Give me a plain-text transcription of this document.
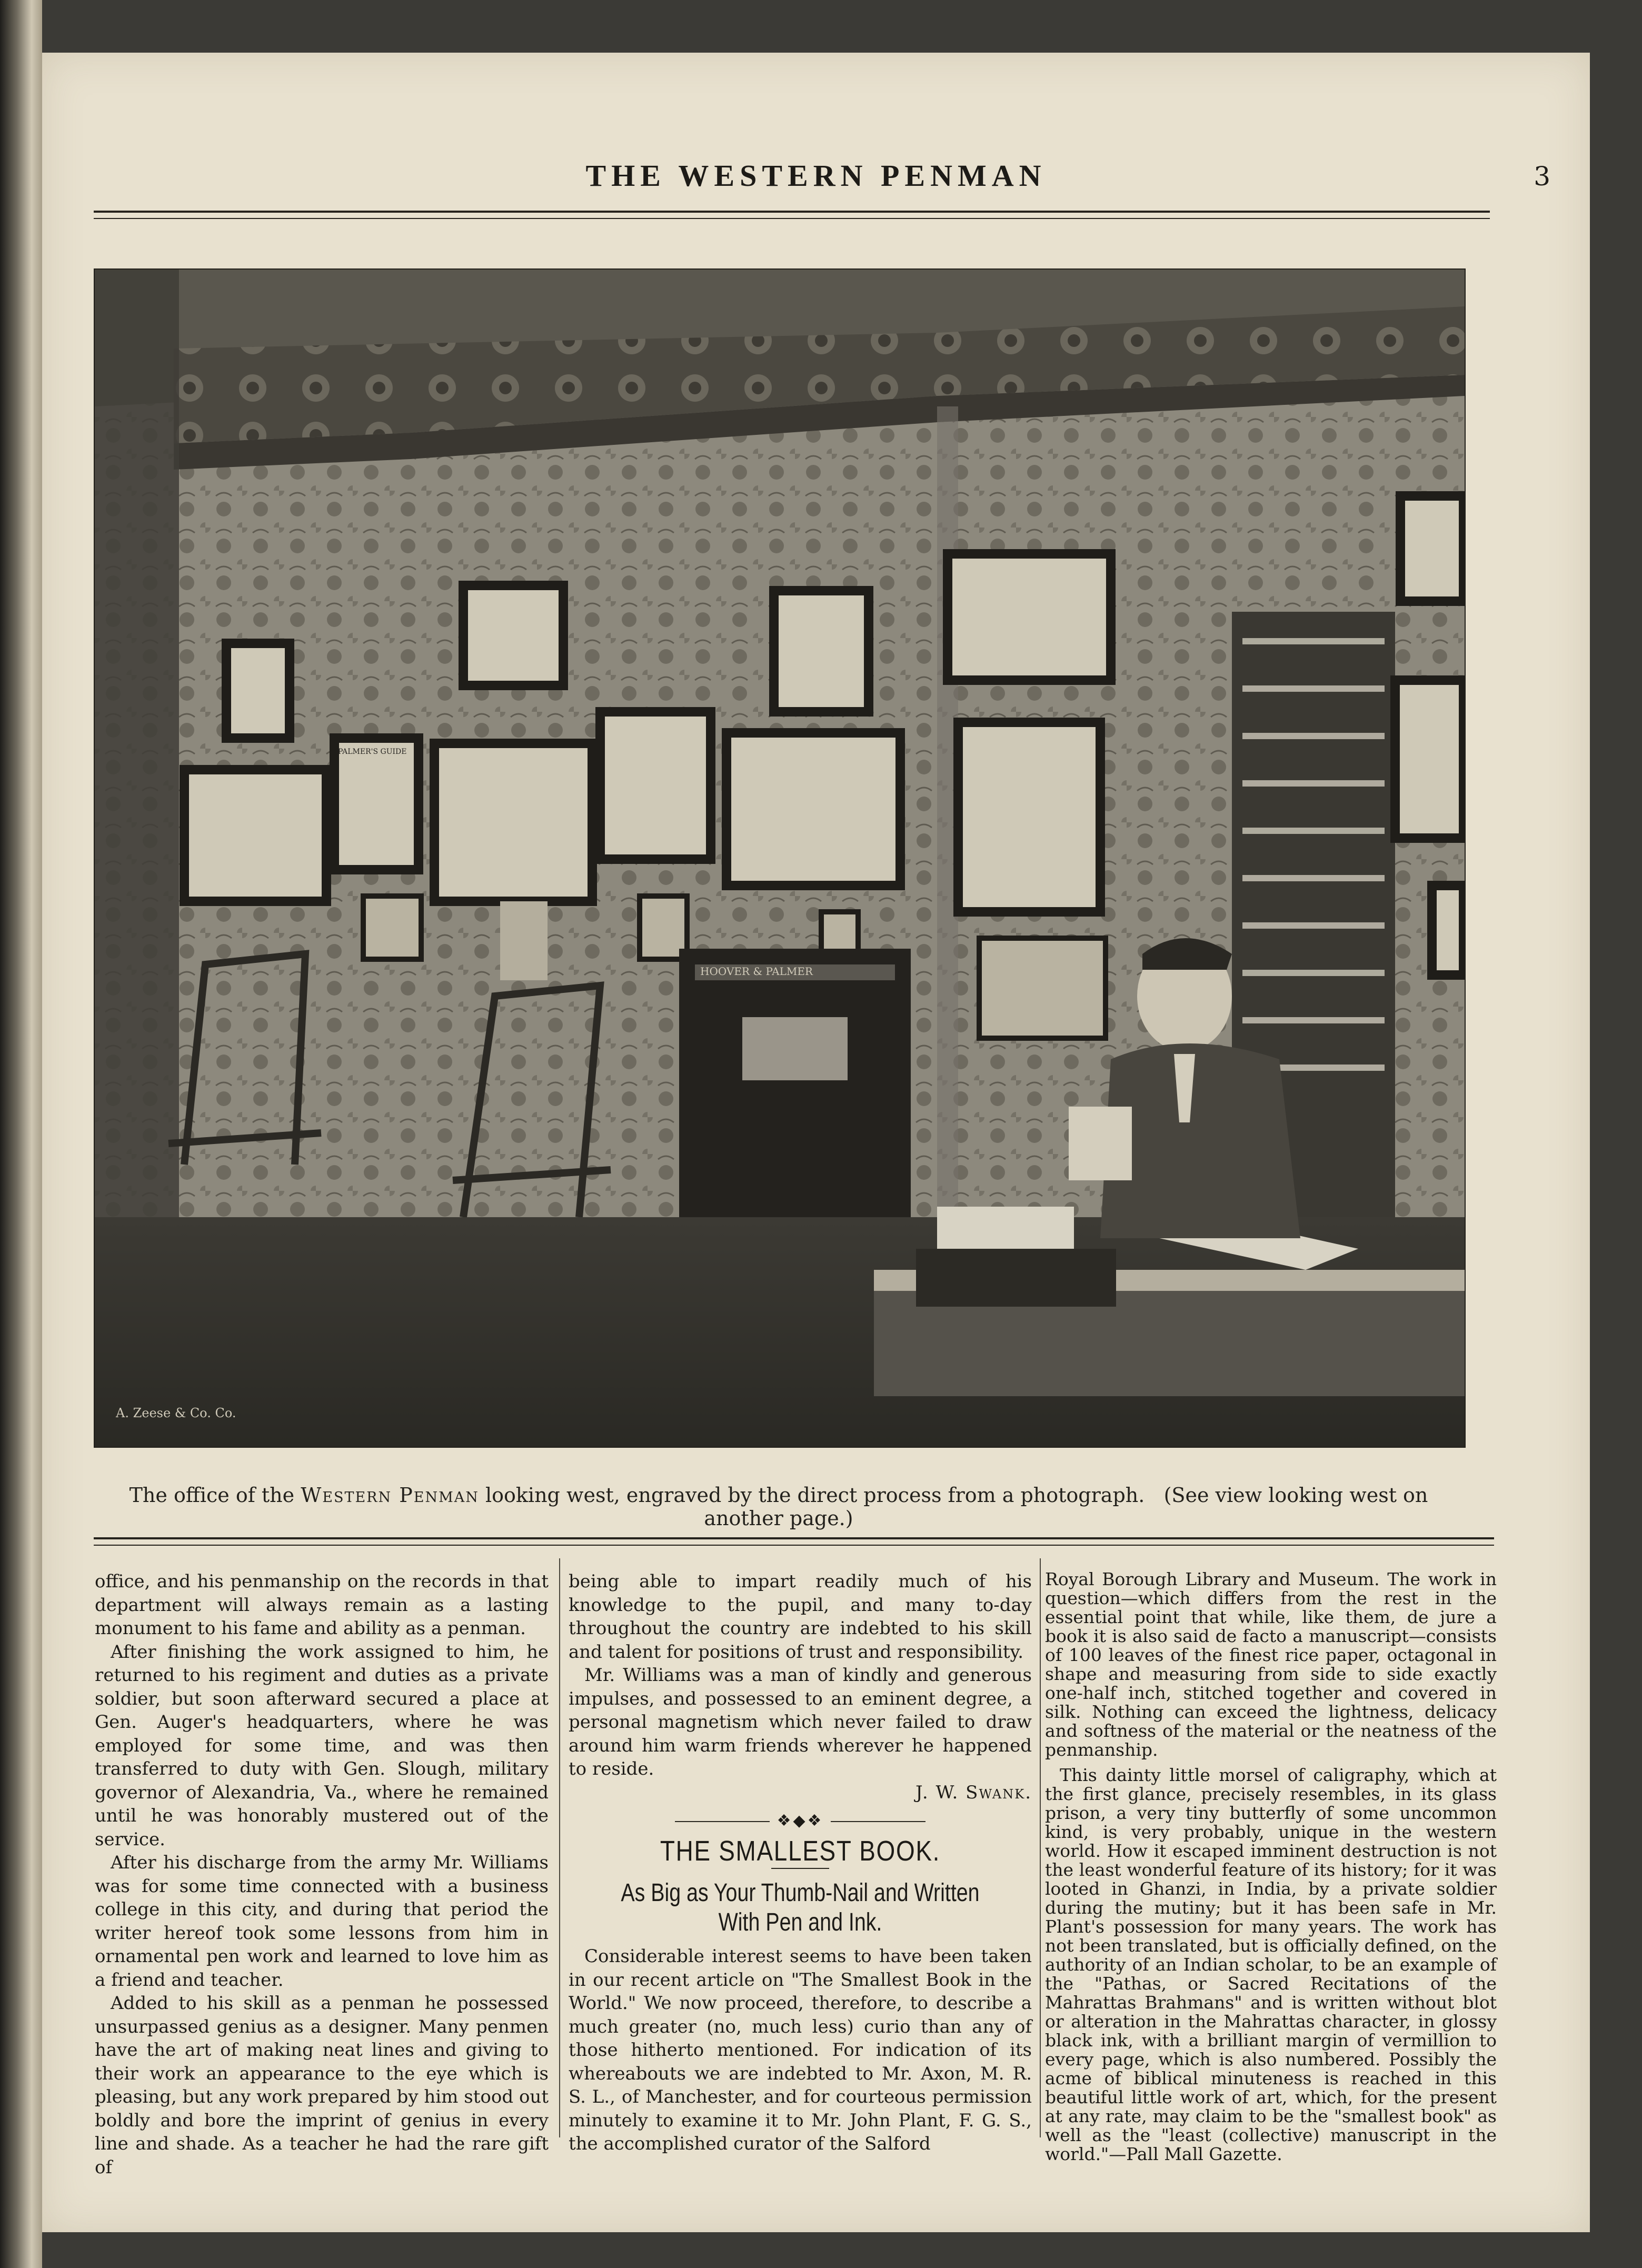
THE WESTERN PENMAN	3
A. Zeese & Co. Co.
HOOVER & PALMER
PALMER'S GUIDE
The office of the Western Penman looking west, engraved by the direct process from a photograph. (See view looking west on another page.)

office, and his penmanship on the records in that department will always remain as a lasting monument to his fame and ability as a penman.

After finishing the work assigned to him, he returned to his regiment and duties as a private soldier, but soon afterward secured a place at Gen. Auger's headquarters, where he was employed for some time, and was then transferred to duty with Gen. Slough, military governor of Alexandria, Va., where he remained until he was honorably mustered out of the service.

After his discharge from the army Mr. Williams was for some time connected with a business college in this city, and during that period the writer hereof took some lessons from him in ornamental pen work and learned to love him as a friend and teacher.

Added to his skill as a penman he possessed unsurpassed genius as a designer. Many penmen have the art of making neat lines and giving to their work an appearance to the eye which is pleasing, but any work prepared by him stood out boldly and bore the imprint of genius in every line and shade. As a teacher he had the rare gift of

being able to impart readily much of his knowledge to the pupil, and many to-day throughout the country are indebted to his skill and talent for positions of trust and responsibility.

Mr. Williams was a man of kindly and generous impulses, and possessed to an eminent degree, a personal magnetism which never failed to draw around him warm friends wherever he happened to reside.

J. W. Swank.
❖◆❖
THE SMALLEST BOOK.
As Big as Your Thumb-Nail and Written With Pen and Ink.

Considerable interest seems to have been taken in our recent article on "The Smallest Book in the World." We now proceed, therefore, to describe a much greater (no, much less) curio than any of those hitherto mentioned. For indication of its whereabouts we are indebted to Mr. Axon, M. R. S. L., of Manchester, and for courteous permission minutely to examine it to Mr. John Plant, F. G. S., the accomplished curator of the Salford

Royal Borough Library and Museum. The work in question—which differs from the rest in the essential point that while, like them, de jure a book it is also said de facto a manuscript—consists of 100 leaves of the finest rice paper, octagonal in shape and measuring from side to side exactly one-half inch, stitched together and covered in silk. Nothing can exceed the lightness, delicacy and softness of the material or the neatness of the penmanship.

This dainty little morsel of caligraphy, which at the first glance, precisely resembles, in its glass prison, a very tiny butterfly of some uncommon kind, is very probably, unique in the western world. How it escaped imminent destruction is not the least wonderful feature of its history; for it was looted in Ghanzi, in India, by a private soldier during the mutiny; but it has been safe in Mr. Plant's possession for many years. The work has not been translated, but is officially defined, on the authority of an Indian scholar, to be an example of the "Pathas, or Sacred Recitations of the Mahrattas Brahmans" and is written without blot or alteration in the Mahrattas character, in glossy black ink, with a brilliant margin of vermillion to every page, which is also numbered. Possibly the acme of biblical minuteness is reached in this beautiful little work of art, which, for the present at any rate, may claim to be the "smallest book" as well as the "least (collective) manuscript in the world."—Pall Mall Gazette.
